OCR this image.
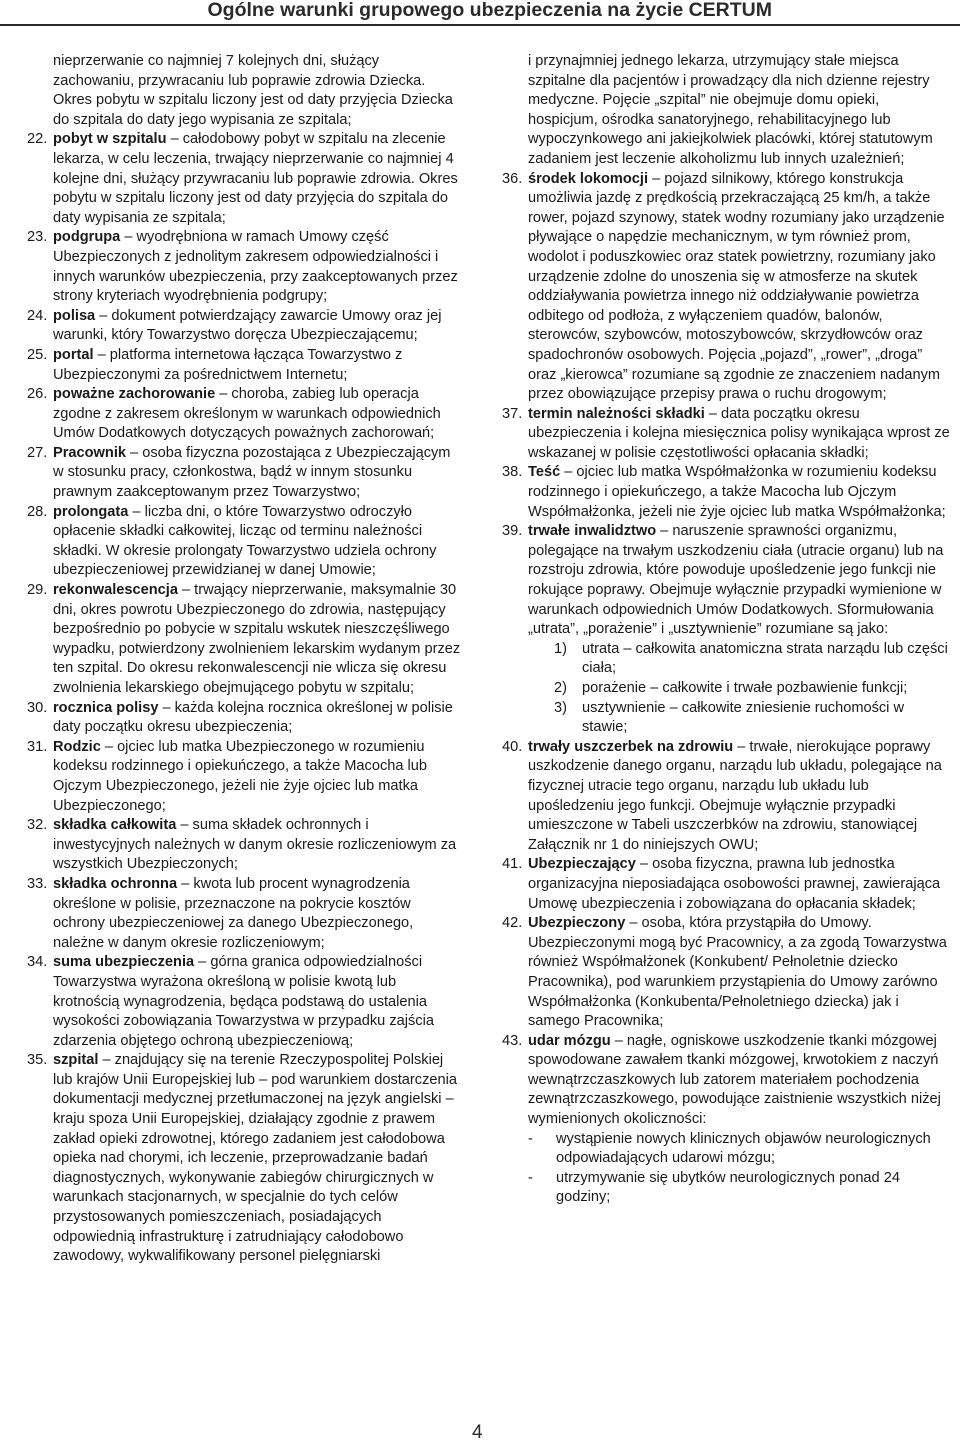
Ogólne warunki grupowego ubezpieczenia na życie CERTUM
nieprzerwanie co najmniej 7 kolejnych dni, służący zachowaniu, przywracaniu lub poprawie zdrowia Dziecka. Okres pobytu w szpitalu liczony jest od daty przyjęcia Dziecka do szpitala do daty jego wypisania ze szpitala;
22. pobyt w szpitalu – całodobowy pobyt w szpitalu na zlecenie lekarza, w celu leczenia, trwający nieprzerwanie co najmniej 4 kolejne dni, służący przywracaniu lub poprawie zdrowia. Okres pobytu w szpitalu liczony jest od daty przyjęcia do szpitala do daty wypisania ze szpitala;
23. podgrupa – wyodrębniona w ramach Umowy część Ubezpieczonych z jednolitym zakresem odpowiedzialności i innych warunków ubezpieczenia, przy zaakceptowanych przez strony kryteriach wyodrębnienia podgrupy;
24. polisa – dokument potwierdzający zawarcie Umowy oraz jej warunki, który Towarzystwo doręcza Ubezpieczającemu;
25. portal – platforma internetowa łącząca Towarzystwo z Ubezpieczonymi za pośrednictwem Internetu;
26. poważne zachorowanie – choroba, zabieg lub operacja zgodne z zakresem określonym w warunkach odpowiednich Umów Dodatkowych dotyczących poważnych zachorowań;
27. Pracownik – osoba fizyczna pozostająca z Ubezpieczającym w stosunku pracy, członkostwa, bądź w innym stosunku prawnym zaakceptowanym przez Towarzystwo;
28. prolongata – liczba dni, o które Towarzystwo odroczyło opłacenie składki całkowitej, licząc od terminu należności składki. W okresie prolongaty Towarzystwo udziela ochrony ubezpieczeniowej przewidzianej w danej Umowie;
29. rekonwalescencja – trwający nieprzerwanie, maksymalnie 30 dni, okres powrotu Ubezpieczonego do zdrowia, następujący bezpośrednio po pobycie w szpitalu wskutek nieszczęśliwego wypadku, potwierdzony zwolnieniem lekarskim wydanym przez ten szpital. Do okresu rekonwalescencji nie wlicza się okresu zwolnienia lekarskiego obejmującego pobytu w szpitalu;
30. rocznica polisy – każda kolejna rocznica określonej w polisie daty początku okresu ubezpieczenia;
31. Rodzic – ojciec lub matka Ubezpieczonego w rozumieniu kodeksu rodzinnego i opiekuńczego, a także Macocha lub Ojczym Ubezpieczonego, jeżeli nie żyje ojciec lub matka Ubezpieczonego;
32. składka całkowita – suma składek ochronnych i inwestycyjnych należnych w danym okresie rozliczeniowym za wszystkich Ubezpieczonych;
33. składka ochronna – kwota lub procent wynagrodzenia określone w polisie, przeznaczone na pokrycie kosztów ochrony ubezpieczeniowej za danego Ubezpieczonego, należne w danym okresie rozliczeniowym;
34. suma ubezpieczenia – górna granica odpowiedzialności Towarzystwa wyrażona określoną w polisie kwotą lub krotnością wynagrodzenia, będąca podstawą do ustalenia wysokości zobowiązania Towarzystwa w przypadku zajścia zdarzenia objętego ochroną ubezpieczeniową;
35. szpital – znajdujący się na terenie Rzeczypospolitej Polskiej lub krajów Unii Europejskiej lub – pod warunkiem dostarczenia dokumentacji medycznej przetłumaczonej na język angielski – kraju spoza Unii Europejskiej, działający zgodnie z prawem zakład opieki zdrowotnej, którego zadaniem jest całodobowa opieka nad chorymi, ich leczenie, przeprowadzanie badań diagnostycznych, wykonywanie zabiegów chirurgicznych w warunkach stacjonarnych, w specjalnie do tych celów przystosowanych pomieszczeniach, posiadających odpowiednią infrastrukturę i zatrudniający całodobowo zawodowy, wykwalifikowany personel pielęgniarski
i przynajmniej jednego lekarza, utrzymujący stałe miejsca szpitalne dla pacjentów i prowadzący dla nich dzienne rejestry medyczne. Pojęcie „szpital” nie obejmuje domu opieki, hospicjum, ośrodka sanatoryjnego, rehabilitacyjnego lub wypoczynkowego ani jakiejkolwiek placówki, której statutowym zadaniem jest leczenie alkoholizmu lub innych uzależnień;
36. środek lokomocji – pojazd silnikowy, którego konstrukcja umożliwia jazdę z prędkością przekraczającą 25 km/h, a także rower, pojazd szynowy, statek wodny rozumiany jako urządzenie pływające o napędzie mechanicznym, w tym również prom, wodolot i poduszkowiec oraz statek powietrzny, rozumiany jako urządzenie zdolne do unoszenia się w atmosferze na skutek oddziaływania powietrza innego niż oddziaływanie powietrza odbitego od podłoża, z wyłączeniem quadów, balonów, sterowców, szybowców, motoszybowców, skrzydłowców oraz spadochronów osobowych. Pojęcia „pojazd”, „rower”, „droga” oraz „kierowca” rozumiane są zgodnie ze znaczeniem nadanym przez obowiązujące przepisy prawa o ruchu drogowym;
37. termin należności składki – data początku okresu ubezpieczenia i kolejna miesięcznica polisy wynikająca wprost ze wskazanej w polisie częstotliwości opłacania składki;
38. Teść – ojciec lub matka Współmałżonka w rozumieniu kodeksu rodzinnego i opiekuńczego, a także Macocha lub Ojczym Współmałżonka, jeżeli nie żyje ojciec lub matka Współmałżonka;
39. trwałe inwalidztwo – naruszenie sprawności organizmu, polegające na trwałym uszkodzeniu ciała (utracie organu) lub na rozstroju zdrowia, które powoduje upośledzenie jego funkcji nie rokujące poprawy. Obejmuje wyłącznie przypadki wymienione w warunkach odpowiednich Umów Dodatkowych. Sformułowania „utrata”, „porażenie” i „usztywnienie” rozumiane są jako:
1) utrata – całkowita anatomiczna strata narządu lub części ciała;
2) porażenie – całkowite i trwałe pozbawienie funkcji;
3) usztywnienie – całkowite zniesienie ruchomości w stawie;
40. trwały uszczerbek na zdrowiu – trwałe, nierokujące poprawy uszkodzenie danego organu, narządu lub układu, polegające na fizycznej utracie tego organu, narządu lub układu lub upośledzeniu jego funkcji. Obejmuje wyłącznie przypadki umieszczone w Tabeli uszczerbków na zdrowiu, stanowiącej Załącznik nr 1 do niniejszych OWU;
41. Ubezpieczający – osoba fizyczna, prawna lub jednostka organizacyjna nieposiadająca osobowości prawnej, zawierająca Umowę ubezpieczenia i zobowiązana do opłacania składek;
42. Ubezpieczony – osoba, która przystąpiła do Umowy. Ubezpieczonymi mogą być Pracownicy, a za zgodą Towarzystwa również Współmałżonek (Konkubent/ Pełnoletnie dziecko Pracownika), pod warunkiem przystąpienia do Umowy zarówno Współmałżonka (Konkubenta/Pełnoletniego dziecka) jak i samego Pracownika;
43. udar mózgu – nagłe, ogniskowe uszkodzenie tkanki mózgowej spowodowane zawałem tkanki mózgowej, krwotokiem z naczyń wewnątrzczaszkowych lub zatorem materiałem pochodzenia zewnątrzczaszkowego, powodujące zaistnienie wszystkich niżej wymienionych okoliczności:
- wystąpienie nowych klinicznych objawów neurologicznych odpowiadających udarowi mózgu;
- utrzymywanie się ubytków neurologicznych ponad 24 godziny;
4
